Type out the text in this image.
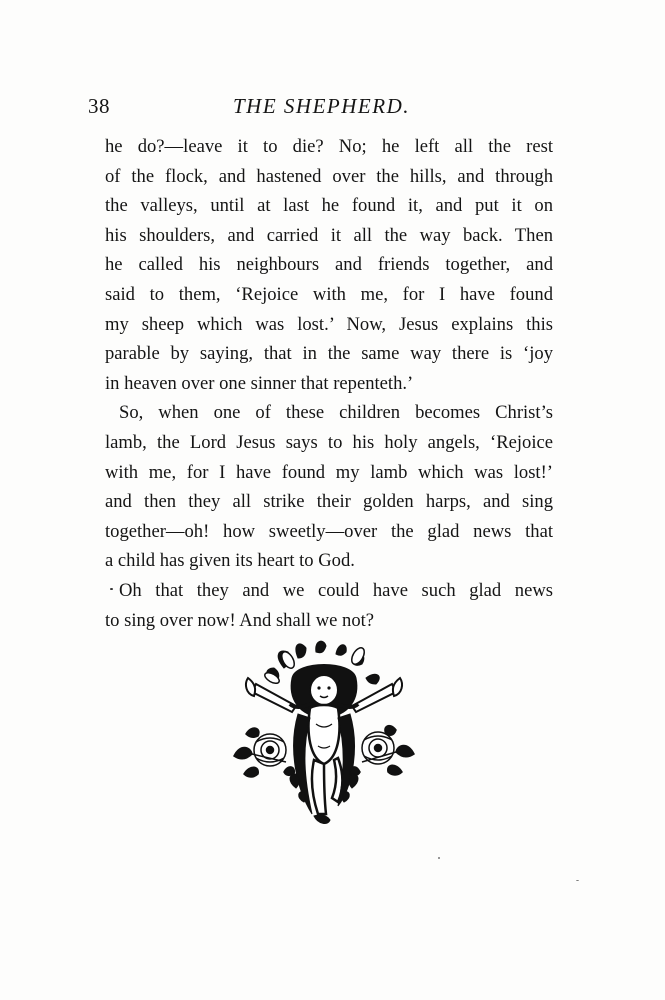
38	THE SHEPHERD.

he do?—leave it to die? No; he left all the rest
of the flock, and hastened over the hills, and through
the valleys, until at last he found it, and put it on
his shoulders, and carried it all the way back. Then
he called his neighbours and friends together, and
said to them, ‘Rejoice with me, for I have found
my sheep which was lost.’ Now, Jesus explains this
parable by saying, that in the same way there is ‘joy
in heaven over one sinner that repenteth.’

So, when one of these children becomes Christ’s
lamb, the Lord Jesus says to his holy angels, ‘Rejoice
with me, for I have found my lamb which was lost!’
and then they all strike their golden harps, and sing
together—oh! how sweetly—over the glad news that
a child has given its heart to God.

Oh that they and we could have such glad news
to sing over now! And shall we not?
